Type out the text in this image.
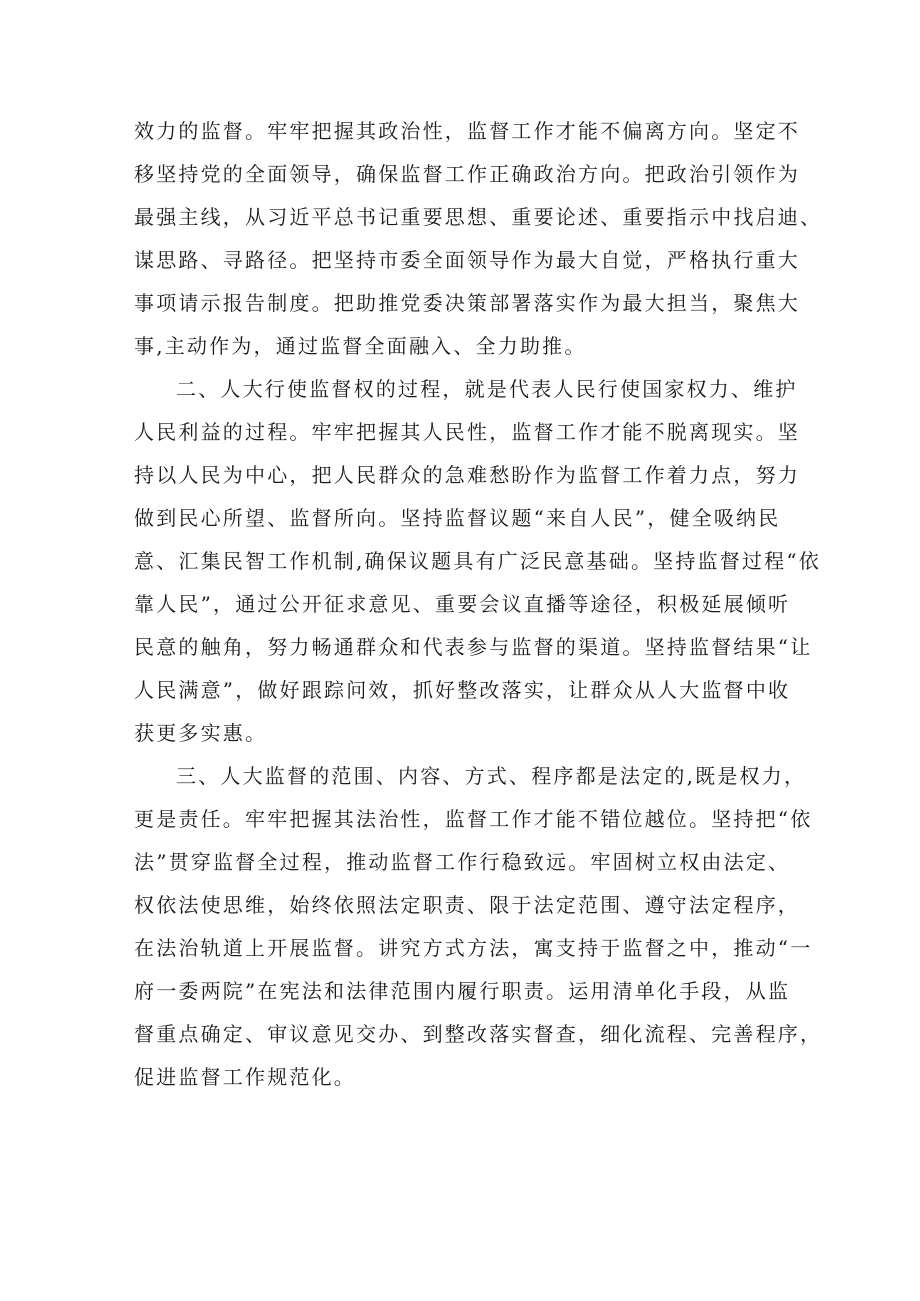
效力的监督。牢牢把握其政治性，监督工作才能不偏离方向。坚定不
移坚持党的全面领导，确保监督工作正确政治方向。把政治引领作为
最强主线，从习近平总书记重要思想、重要论述、重要指示中找启迪、
谋思路、寻路径。把坚持市委全面领导作为最大自觉，严格执行重大
事项请示报告制度。把助推党委决策部署落实作为最大担当，聚焦大
事,主动作为，通过监督全面融入、全力助推。
二、人大行使监督权的过程，就是代表人民行使国家权力、维护
人民利益的过程。牢牢把握其人民性，监督工作才能不脱离现实。坚
持以人民为中心，把人民群众的急难愁盼作为监督工作着力点，努力
做到民心所望、监督所向。坚持监督议题“来自人民”，健全吸纳民
意、汇集民智工作机制,确保议题具有广泛民意基础。坚持监督过程“依
靠人民”，通过公开征求意见、重要会议直播等途径，积极延展倾听
民意的触角，努力畅通群众和代表参与监督的渠道。坚持监督结果“让
人民满意”，做好跟踪问效，抓好整改落实，让群众从人大监督中收
获更多实惠。
三、人大监督的范围、内容、方式、程序都是法定的,既是权力，
更是责任。牢牢把握其法治性，监督工作才能不错位越位。坚持把“依
法”贯穿监督全过程，推动监督工作行稳致远。牢固树立权由法定、
权依法使思维，始终依照法定职责、限于法定范围、遵守法定程序，
在法治轨道上开展监督。讲究方式方法，寓支持于监督之中，推动“一
府一委两院”在宪法和法律范围内履行职责。运用清单化手段，从监
督重点确定、审议意见交办、到整改落实督查，细化流程、完善程序，
促进监督工作规范化。
